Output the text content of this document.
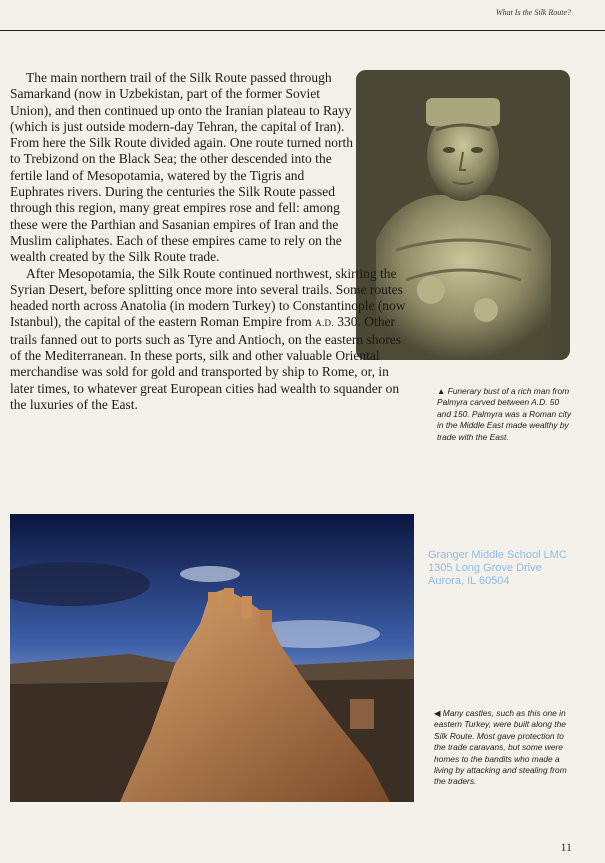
What Is the Silk Route?
▲ Funerary bust of a rich man from Palmyra carved between A.D. 50 and 150. Palmyra was a Roman city in the Middle East made wealthy by trade with the East.

The main northern trail of the Silk Route passed through Samarkand (now in Uzbekistan, part of the former Soviet Union), and then continued up onto the Iranian plateau to Rayy (which is just outside modern-day Tehran, the capital of Iran). From here the Silk Route divided again. One route turned north to Trebizond on the Black Sea; the other descended into the fertile land of Mesopotamia, watered by the Tigris and Euphrates rivers. During the centuries the Silk Route passed through this region, many great empires rose and fell: among these were the Parthian and Sasanian empires of Iran and the Muslim caliphates. Each of these empires came to rely on the wealth created by the Silk Route trade.

After Mesopotamia, the Silk Route continued northwest, skirting the Syrian Desert, before splitting once more into several trails. Some routes headed north across Anatolia (in modern Turkey) to Constantinople (now Istanbul), the capital of the eastern Roman Empire from A.D. 330. Other trails fanned out to ports such as Tyre and Antioch, on the eastern shores of the Mediterranean. In these ports, silk and other valuable Oriental merchandise was sold for gold and transported by ship to Rome, or, in later times, to whatever great European cities had wealth to squander on the luxuries of the East.

Granger Middle School LMC
1305 Long Grove Drive
Aurora, IL 60504
◀ Many castles, such as this one in eastern Turkey, were built along the Silk Route. Most gave protection to the trade caravans, but some were homes to the bandits who made a living by attacking and stealing from the traders.
11
